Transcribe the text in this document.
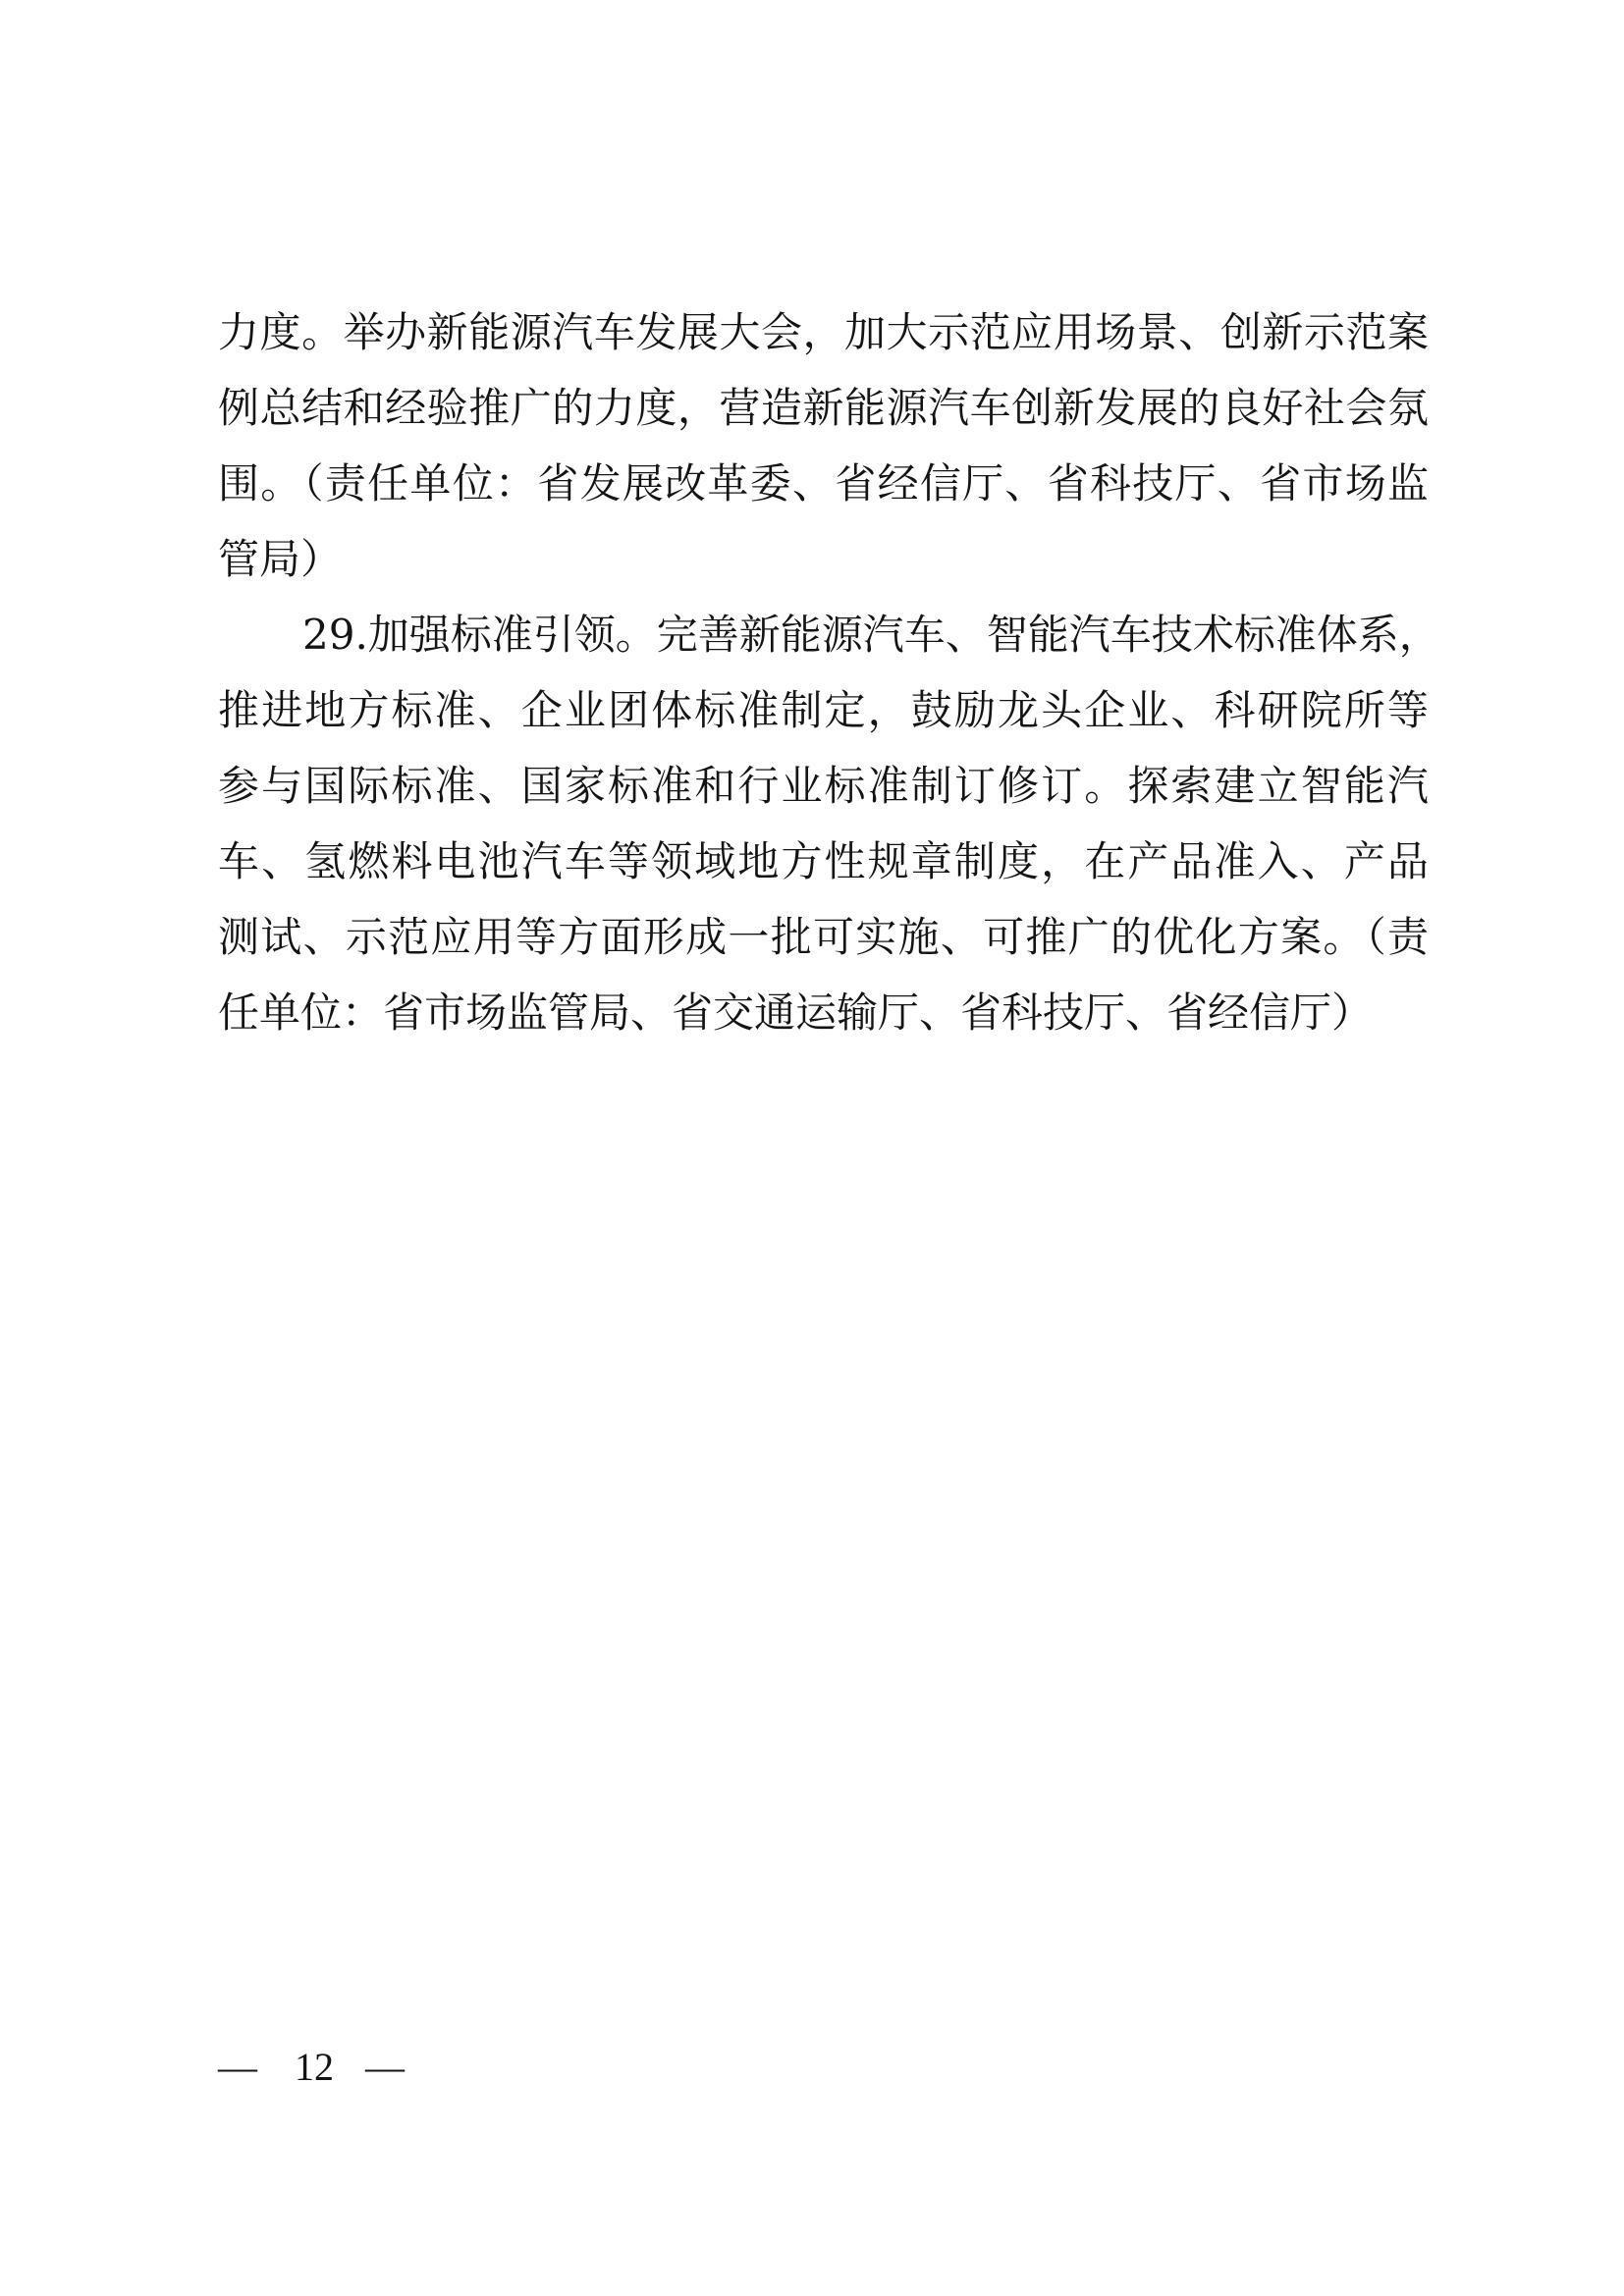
力度。举办新能源汽车发展大会，加大示范应用场景、创新示范案
例总结和经验推广的力度，营造新能源汽车创新发展的良好社会氛
围。（责任单位：省发展改革委、省经信厅、省科技厅、省市场监
管局）
29.加强标准引领。完善新能源汽车、智能汽车技术标准体系，
推进地方标准、企业团体标准制定，鼓励龙头企业、科研院所等
参与国际标准、国家标准和行业标准制订修订。探索建立智能汽
车、氢燃料电池汽车等领域地方性规章制度，在产品准入、产品
测试、示范应用等方面形成一批可实施、可推广的优化方案。（责
任单位：省市场监管局、省交通运输厅、省科技厅、省经信厅）
— 12 —
